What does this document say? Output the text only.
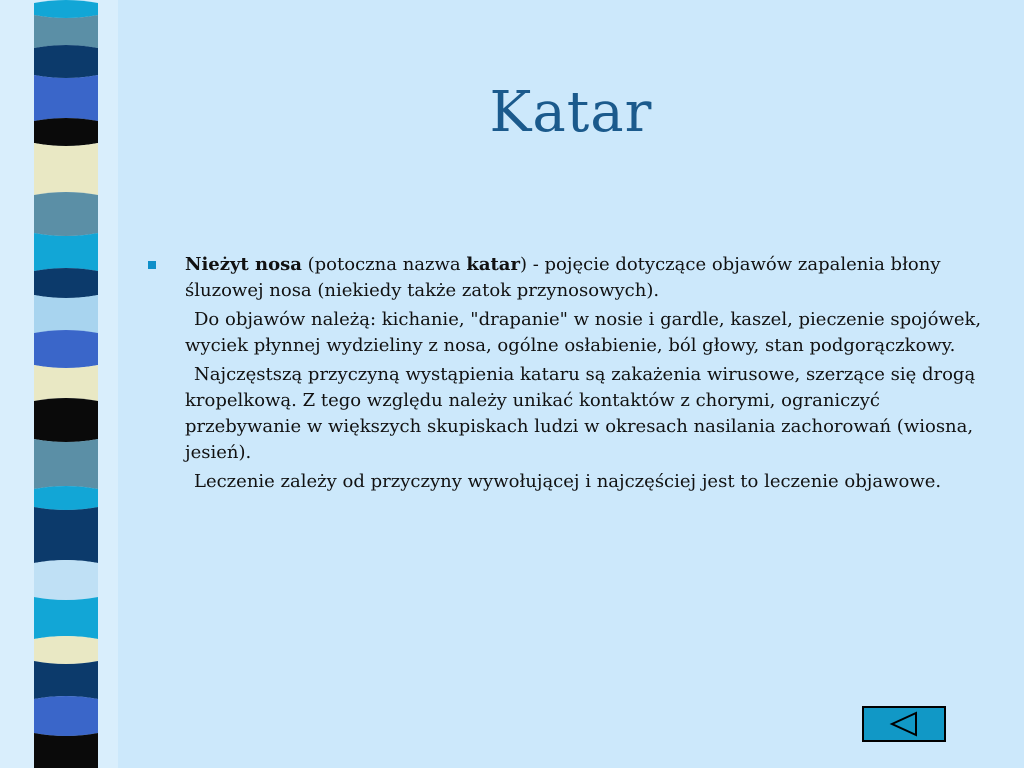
Katar

Nieżyt nosa (potoczna nazwa katar) - pojęcie dotyczące objawów zapalenia błony śluzowej nosa (niekiedy także zatok przynosowych).

Do objawów należą: kichanie, "drapanie" w nosie i gardle, kaszel, pieczenie spojówek, wyciek płynnej wydzieliny z nosa, ogólne osłabienie, ból głowy, stan podgorączkowy.

Najczęstszą przyczyną wystąpienia kataru są zakażenia wirusowe, szerzące się drogą kropelkową. Z tego względu należy unikać kontaktów z chorymi, ograniczyć przebywanie w większych skupiskach ludzi w okresach nasilania zachorowań (wiosna, jesień).

Leczenie zależy od przyczyny wywołującej i najczęściej jest to leczenie objawowe.
